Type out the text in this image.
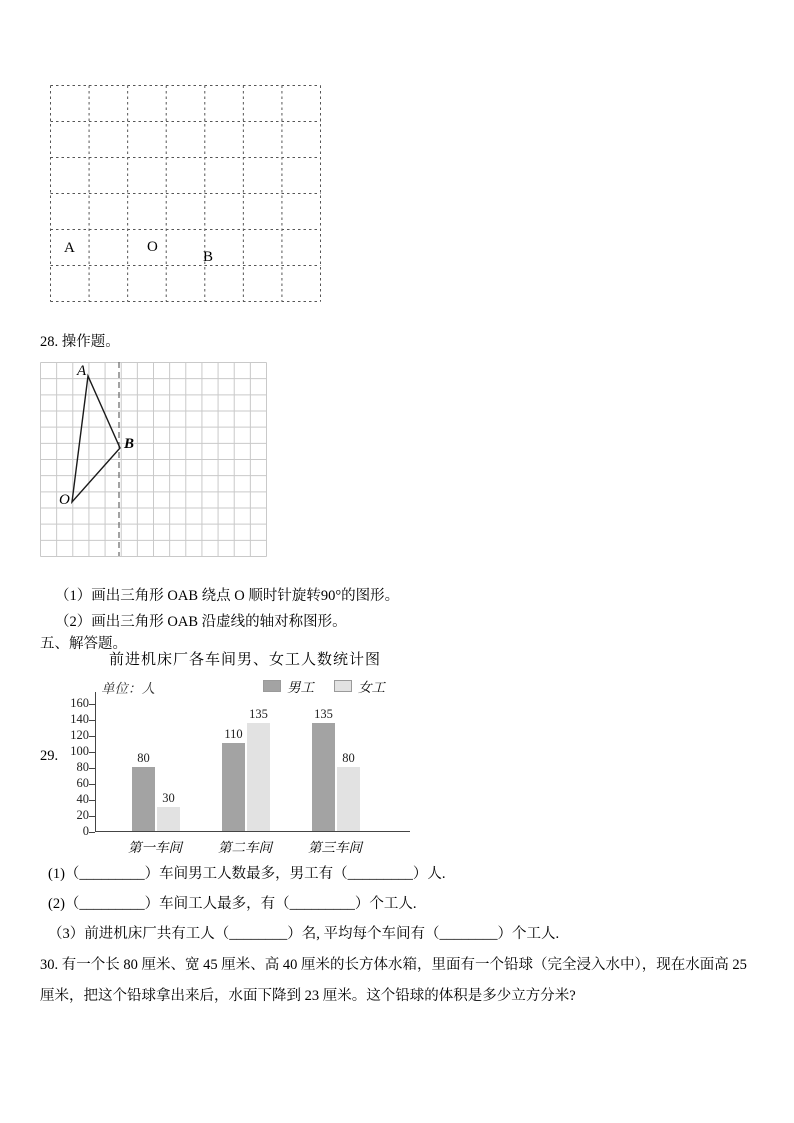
A	O
B
28. 操作题。
A
B
O
（1）画出三角形 OAB 绕点 O 顺时针旋转90°的图形。
（2）画出三角形 OAB 沿虚线的轴对称图形。
五、解答题。
前进机床厂各车间男、女工人数统计图
单位：人	男工	女工
0
20
40
60
80
100
120
140
160
80
30
110
135	135
80
第一车间	第二车间	第三车间
29.
(1)（_________）车间男工人数最多，男工有（_________）人.
(2)（_________）车间工人最多，有（_________）个工人.
（3）前进机床厂共有工人（________）名, 平均每个车间有（________）个工人.
30. 有一个长 80 厘米、宽 45 厘米、高 40 厘米的长方体水箱，里面有一个铅球（完全浸入水中），现在水面高 25 厘米，把这个铅球拿出来后，水面下降到 23 厘米。这个铅球的体积是多少立方分米?
